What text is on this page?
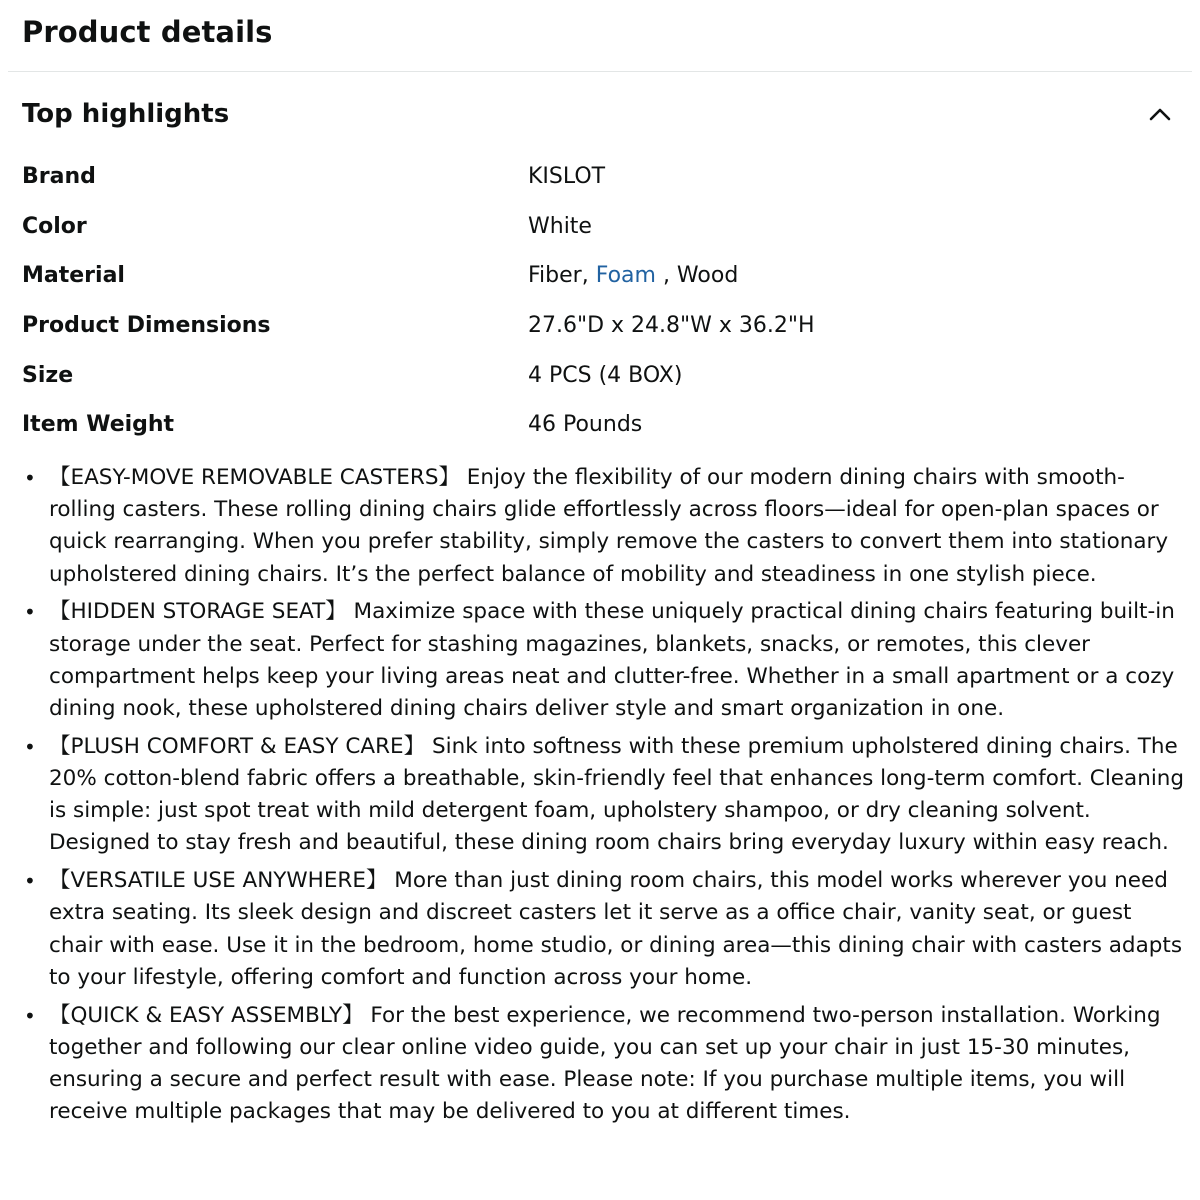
Product details
Top highlights
Brand	KISLOT
Color	White
Material	Fiber, Foam , Wood
Product Dimensions	27.6"D x 24.8"W x 36.2"H
Size	4 PCS (4 BOX)
Item Weight	46 Pounds
• 【EASY-MOVE REMOVABLE CASTERS】 Enjoy the flexibility of our modern dining chairs with smooth-rolling casters. These rolling dining chairs glide effortlessly across floors—ideal for open-plan spaces or quick rearranging. When you prefer stability, simply remove the casters to convert them into stationary upholstered dining chairs. It’s the perfect balance of mobility and steadiness in one stylish piece.
• 【HIDDEN STORAGE SEAT】 Maximize space with these uniquely practical dining chairs featuring built-in storage under the seat. Perfect for stashing magazines, blankets, snacks, or remotes, this clever compartment helps keep your living areas neat and clutter-free. Whether in a small apartment or a cozy dining nook, these upholstered dining chairs deliver style and smart organization in one.
• 【PLUSH COMFORT & EASY CARE】 Sink into softness with these premium upholstered dining chairs. The 20% cotton-blend fabric offers a breathable, skin-friendly feel that enhances long-term comfort. Cleaning is simple: just spot treat with mild detergent foam, upholstery shampoo, or dry cleaning solvent. Designed to stay fresh and beautiful, these dining room chairs bring everyday luxury within easy reach.
• 【VERSATILE USE ANYWHERE】 More than just dining room chairs, this model works wherever you need extra seating. Its sleek design and discreet casters let it serve as a office chair, vanity seat, or guest chair with ease. Use it in the bedroom, home studio, or dining area—this dining chair with casters adapts to your lifestyle, offering comfort and function across your home.
• 【QUICK & EASY ASSEMBLY】 For the best experience, we recommend two-person installation. Working together and following our clear online video guide, you can set up your chair in just 15-30 minutes, ensuring a secure and perfect result with ease. Please note: If you purchase multiple items, you will receive multiple packages that may be delivered to you at different times.
